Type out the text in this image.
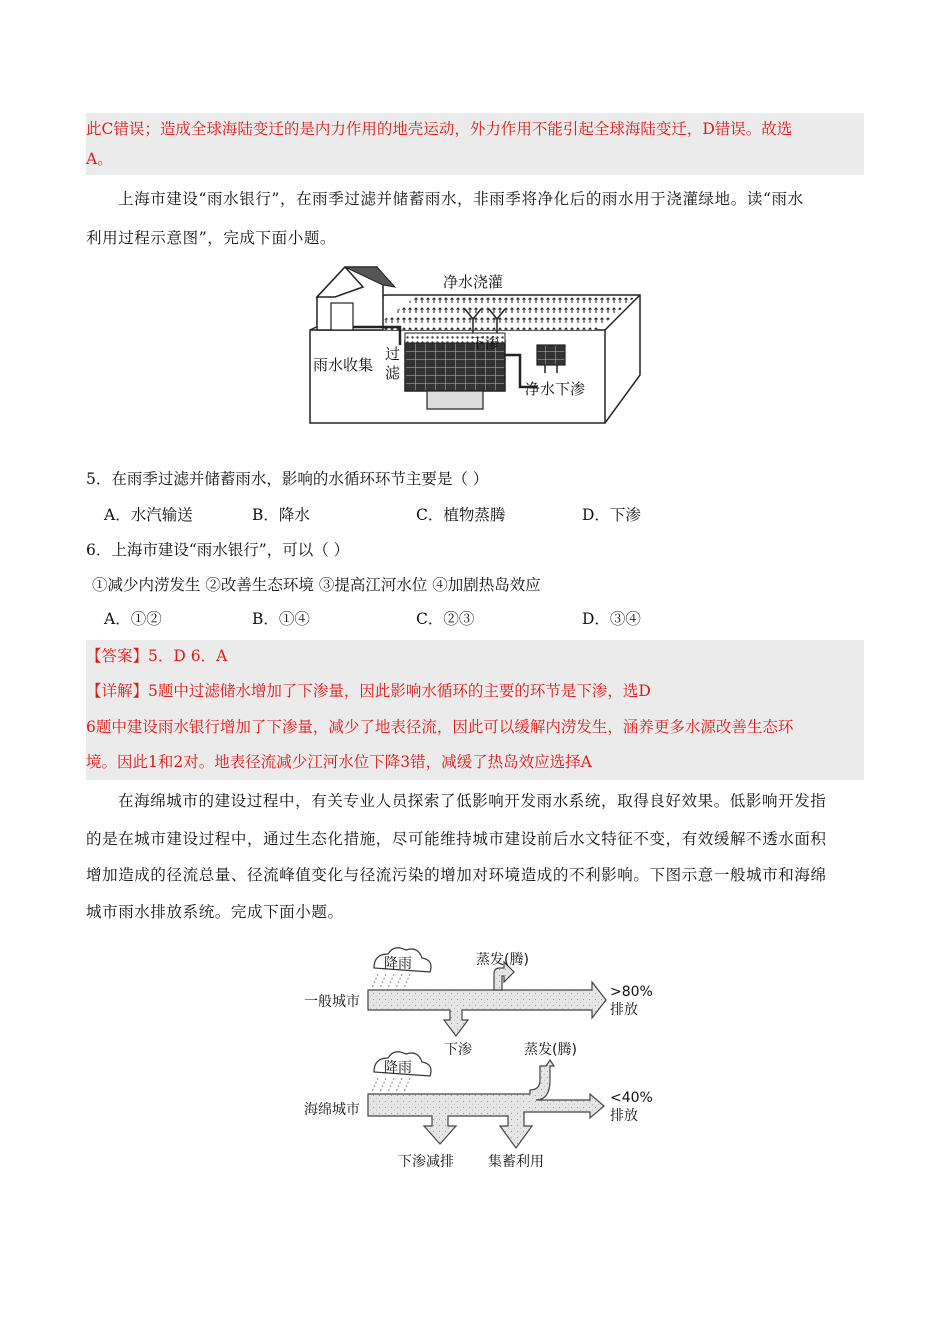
此C错误；造成全球海陆变迁的是内力作用的地壳运动，外力作用不能引起全球海陆变迁，D错误。故选
A。
上海市建设“雨水银行”，在雨季过滤并储蓄雨水，非雨季将净化后的雨水用于浇灌绿地。读“雨水
利用过程示意图”，完成下面小题。
净水浇灌
下渗
雨水收集
过
滤
净水下渗
5．在雨季过滤并储蓄雨水，影响的水循环环节主要是（ ）
A．水汽输送	B．降水	C．植物蒸腾	D．下渗
6．上海市建设“雨水银行”，可以（ ）
①减少内涝发生 ②改善生态环境 ③提高江河水位 ④加剧热岛效应
A．①②	B．①④	C．②③	D．③④
【答案】5．D 6．A
【详解】5题中过滤储水增加了下渗量，因此影响水循环的主要的环节是下渗，选D
6题中建设雨水银行增加了下渗量，减少了地表径流，因此可以缓解内涝发生，涵养更多水源改善生态环
境。因此1和2对。地表径流减少江河水位下降3错，减缓了热岛效应选择A
在海绵城市的建设过程中，有关专业人员探索了低影响开发雨水系统，取得良好效果。低影响开发指
的是在城市建设过程中，通过生态化措施，尽可能维持城市建设前后水文特征不变，有效缓解不透水面积
增加造成的径流总量、径流峰值变化与径流污染的增加对环境造成的不利影响。下图示意一般城市和海绵
城市雨水排放系统。完成下面小题。
降雨	蒸发(腾)
一般城市
>80%
排放
下渗
降雨
蒸发(腾)
海绵城市
<40%
排放
下渗减排 集蓄利用
